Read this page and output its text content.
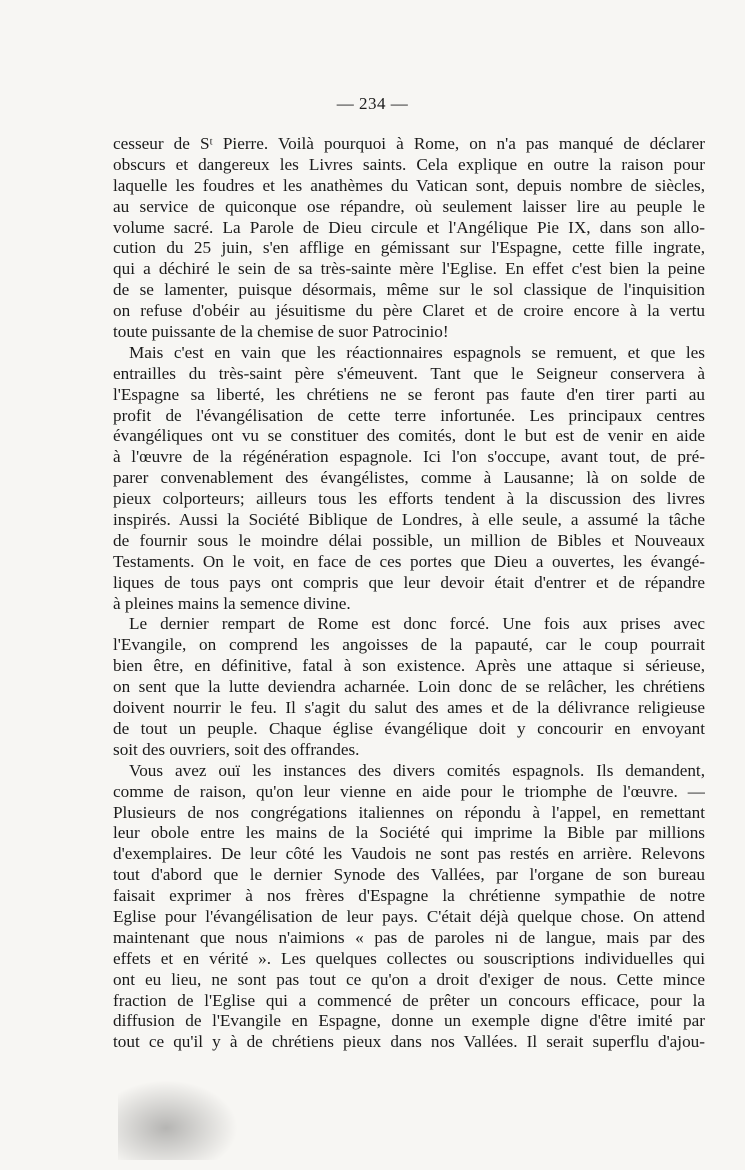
— 234 —
cesseur de Sᵗ Pierre. Voilà pourquoi à Rome, on n'a pas manqué de déclarer
obscurs et dangereux les Livres saints. Cela explique en outre la raison pour
laquelle les foudres et les anathèmes du Vatican sont, depuis nombre de siècles,
au service de quiconque ose répandre, où seulement laisser lire au peuple le
volume sacré. La Parole de Dieu circule et l'Angélique Pie IX, dans son allo-
cution du 25 juin, s'en afflige en gémissant sur l'Espagne, cette fille ingrate,
qui a déchiré le sein de sa très-sainte mère l'Eglise. En effet c'est bien la peine
de se lamenter, puisque désormais, même sur le sol classique de l'inquisition
on refuse d'obéir au jésuitisme du père Claret et de croire encore à la vertu
toute puissante de la chemise de suor Patrocinio!
Mais c'est en vain que les réactionnaires espagnols se remuent, et que les
entrailles du très-saint père s'émeuvent. Tant que le Seigneur conservera à
l'Espagne sa liberté, les chrétiens ne se feront pas faute d'en tirer parti au
profit de l'évangélisation de cette terre infortunée. Les principaux centres
évangéliques ont vu se constituer des comités, dont le but est de venir en aide
à l'œuvre de la régénération espagnole. Ici l'on s'occupe, avant tout, de pré-
parer convenablement des évangélistes, comme à Lausanne; là on solde de
pieux colporteurs; ailleurs tous les efforts tendent à la discussion des livres
inspirés. Aussi la Société Biblique de Londres, à elle seule, a assumé la tâche
de fournir sous le moindre délai possible, un million de Bibles et Nouveaux
Testaments. On le voit, en face de ces portes que Dieu a ouvertes, les évangé-
liques de tous pays ont compris que leur devoir était d'entrer et de répandre
à pleines mains la semence divine.
Le dernier rempart de Rome est donc forcé. Une fois aux prises avec
l'Evangile, on comprend les angoisses de la papauté, car le coup pourrait
bien être, en définitive, fatal à son existence. Après une attaque si sérieuse,
on sent que la lutte deviendra acharnée. Loin donc de se relâcher, les chrétiens
doivent nourrir le feu. Il s'agit du salut des ames et de la délivrance religieuse
de tout un peuple. Chaque église évangélique doit y concourir en envoyant
soit des ouvriers, soit des offrandes.
Vous avez ouï les instances des divers comités espagnols. Ils demandent,
comme de raison, qu'on leur vienne en aide pour le triomphe de l'œuvre. —
Plusieurs de nos congrégations italiennes on répondu à l'appel, en remettant
leur obole entre les mains de la Société qui imprime la Bible par millions
d'exemplaires. De leur côté les Vaudois ne sont pas restés en arrière. Relevons
tout d'abord que le dernier Synode des Vallées, par l'organe de son bureau
faisait exprimer à nos frères d'Espagne la chrétienne sympathie de notre
Eglise pour l'évangélisation de leur pays. C'était déjà quelque chose. On attend
maintenant que nous n'aimions « pas de paroles ni de langue, mais par des
effets et en vérité ». Les quelques collectes ou souscriptions individuelles qui
ont eu lieu, ne sont pas tout ce qu'on a droit d'exiger de nous. Cette mince
fraction de l'Eglise qui a commencé de prêter un concours efficace, pour la
diffusion de l'Evangile en Espagne, donne un exemple digne d'être imité par
tout ce qu'il y à de chrétiens pieux dans nos Vallées. Il serait superflu d'ajou-
